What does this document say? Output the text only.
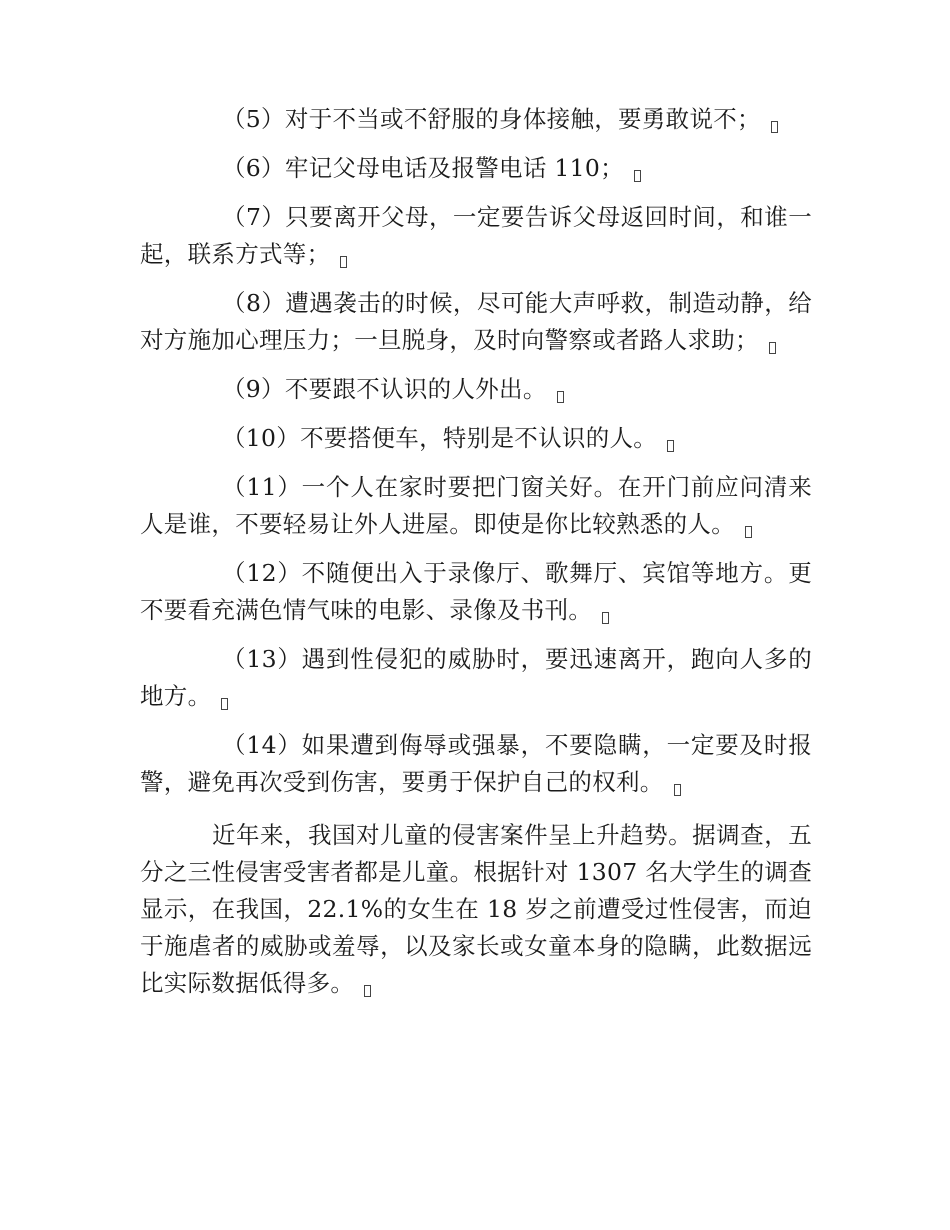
（5）对于不当或不舒服的身体接触，要勇敢说不；

（6）牢记父母电话及报警电话 110；

（7）只要离开父母，一定要告诉父母返回时间，和谁一起，联系方式等；

（8）遭遇袭击的时候，尽可能大声呼救，制造动静，给对方施加心理压力；一旦脱身，及时向警察或者路人求助；

（9）不要跟不认识的人外出。

（10）不要搭便车，特别是不认识的人。

（11）一个人在家时要把门窗关好。在开门前应问清来人是谁，不要轻易让外人进屋。即使是你比较熟悉的人。

（12）不随便出入于录像厅、歌舞厅、宾馆等地方。更不要看充满色情气味的电影、录像及书刊。

（13）遇到性侵犯的威胁时，要迅速离开，跑向人多的地方。

（14）如果遭到侮辱或强暴，不要隐瞒，一定要及时报警，避免再次受到伤害，要勇于保护自己的权利。

近年来，我国对儿童的侵害案件呈上升趋势。据调查，五分之三性侵害受害者都是儿童。根据针对 1307 名大学生的调查显示，在我国，22.1%的女生在 18 岁之前遭受过性侵害，而迫于施虐者的威胁或羞辱，以及家长或女童本身的隐瞒，此数据远比实际数据低得多。
